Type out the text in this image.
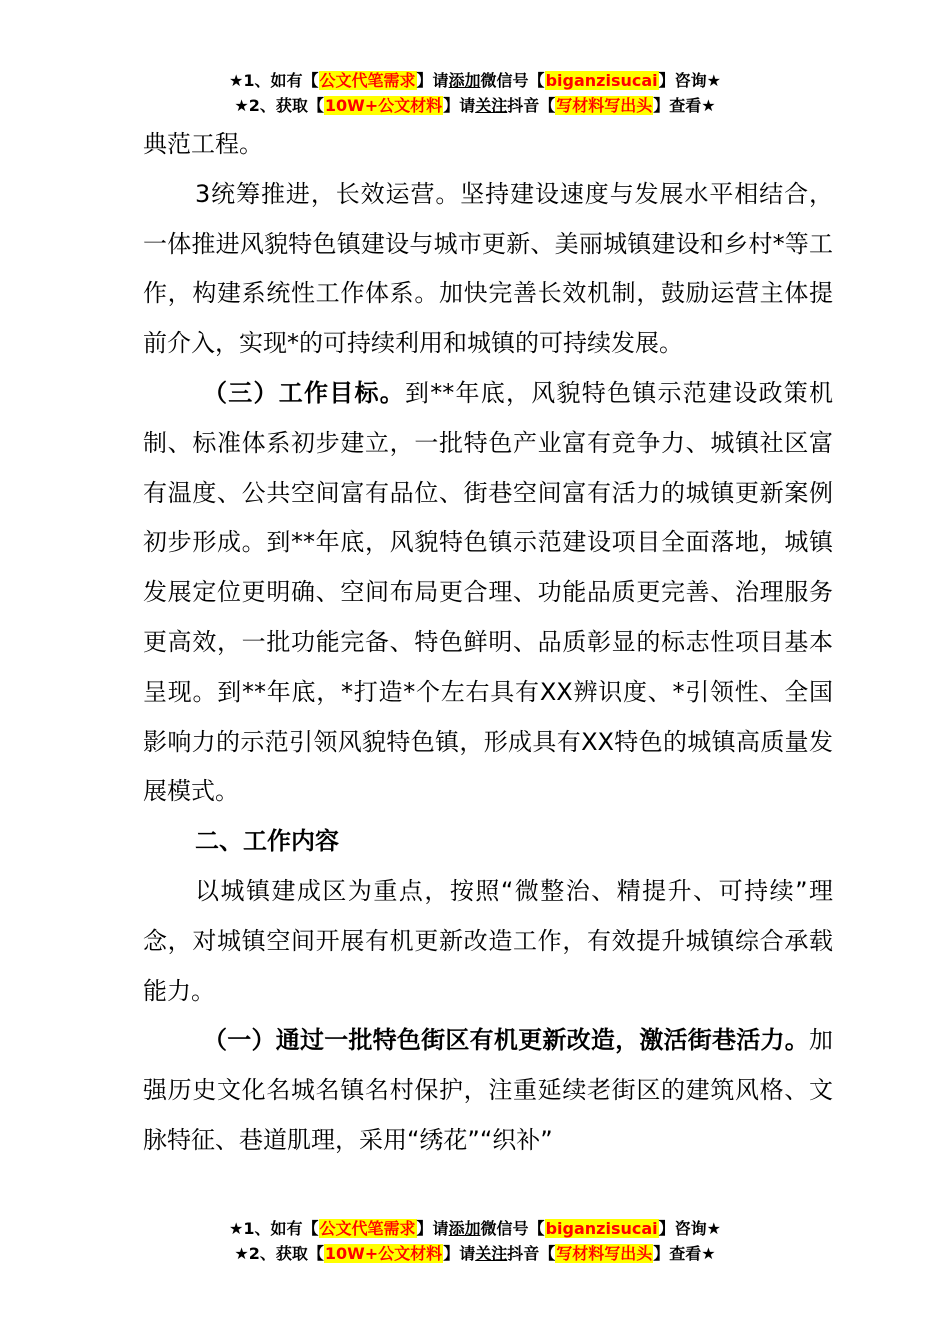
★1、如有【公文代笔需求】请添加微信号【biganzisucai】咨询★
★2、获取【10W+公文材料】请关注抖音【写材料写出头】查看★

典范工程。

3统筹推进，长效运营。坚持建设速度与发展水平相结合，一体推进风貌特色镇建设与城市更新、美丽城镇建设和乡村*等工作，构建系统性工作体系。加快完善长效机制，鼓励运营主体提前介入，实现*的可持续利用和城镇的可持续发展。

（三）工作目标。到**年底，风貌特色镇示范建设政策机制、标准体系初步建立，一批特色产业富有竞争力、城镇社区富有温度、公共空间富有品位、街巷空间富有活力的城镇更新案例初步形成。到**年底，风貌特色镇示范建设项目全面落地，城镇发展定位更明确、空间布局更合理、功能品质更完善、治理服务更高效，一批功能完备、特色鲜明、品质彰显的标志性项目基本呈现。到**年底，*打造*个左右具有XX辨识度、*引领性、全国影响力的示范引领风貌特色镇，形成具有XX特色的城镇高质量发展模式。

二、工作内容

以城镇建成区为重点，按照“微整治、精提升、可持续”理念，对城镇空间开展有机更新改造工作，有效提升城镇综合承载能力。

（一）通过一批特色街区有机更新改造，激活街巷活力。加强历史文化名城名镇名村保护，注重延续老街区的建筑风格、文脉特征、巷道肌理，采用“绣花”“织补”

★1、如有【公文代笔需求】请添加微信号【biganzisucai】咨询★
★2、获取【10W+公文材料】请关注抖音【写材料写出头】查看★
